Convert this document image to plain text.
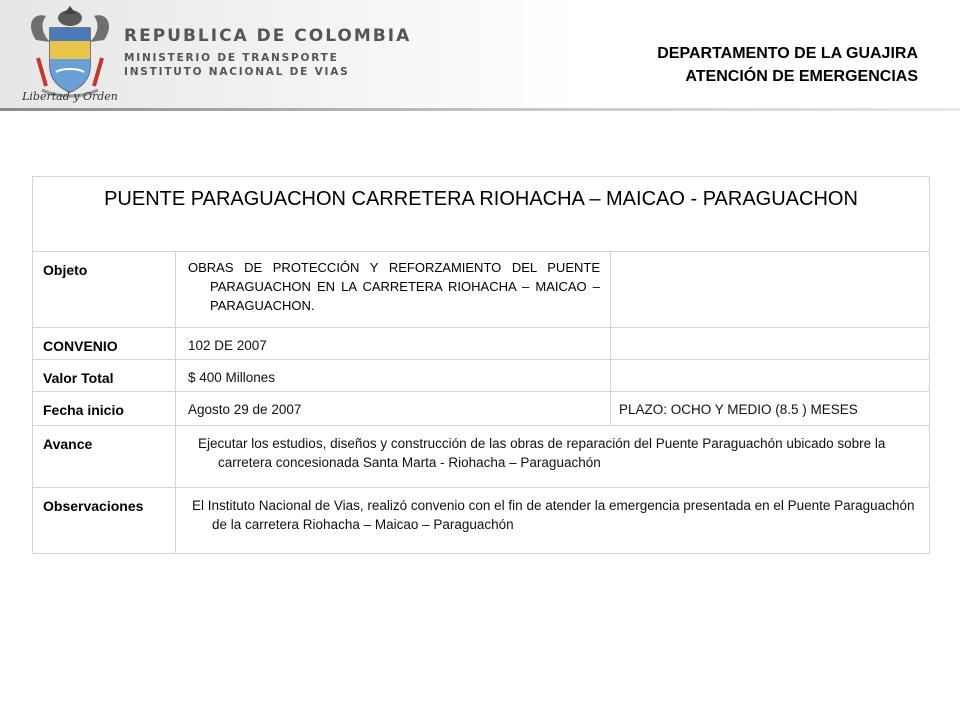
Libertad y Orden
REPUBLICA DE COLOMBIA
MINISTERIO DE TRANSPORTE
INSTITUTO NACIONAL DE VIAS
DEPARTAMENTO DE LA GUAJIRA
ATENCIÓN DE EMERGENCIAS
PUENTE PARAGUACHON CARRETERA RIOHACHA – MAICAO - PARAGUACHON		
Objeto	OBRAS DE PROTECCIÓN Y REFORZAMIENTO DEL PUENTE PARAGUACHON EN LA CARRETERA RIOHACHA – MAICAO – PARAGUACHON.	
CONVENIO	102 DE 2007	
Valor Total	$ 400 Millones	
Fecha inicio	Agosto 29 de 2007	PLAZO: OCHO Y MEDIO (8.5 ) MESES
Avance	Ejecutar los estudios, diseños y construcción de las obras de reparación del Puente Paraguachón ubicado sobre la carretera concesionada Santa Marta - Riohacha – Paraguachón	
Observaciones	El Instituto Nacional de Vias, realizó convenio con el fin de atender la emergencia presentada en el Puente Paraguachón de la carretera Riohacha – Maicao – Paraguachón	
